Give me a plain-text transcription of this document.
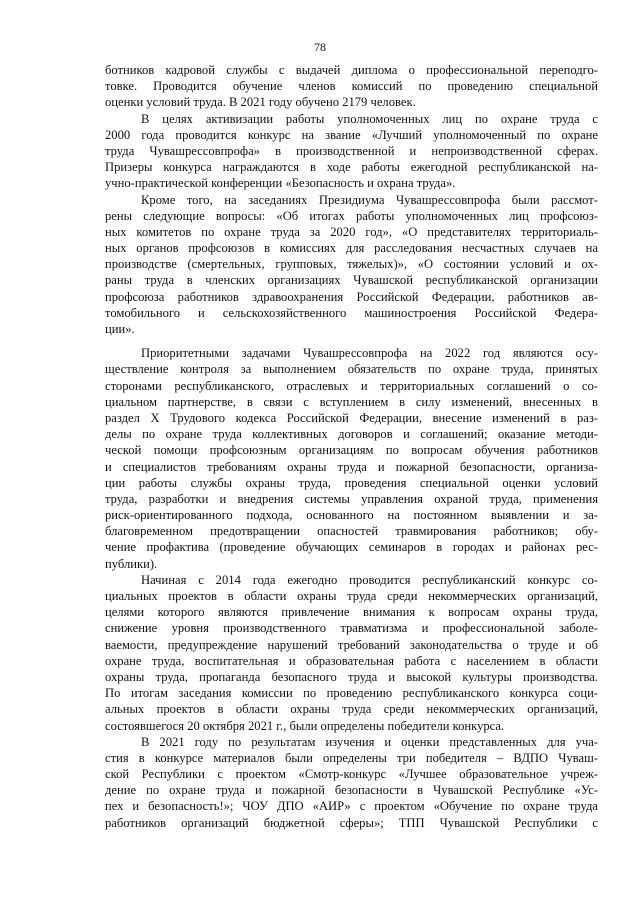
78
ботников кадровой службы с выдачей диплома о профессиональной переподго-
товке. Проводится обучение членов комиссий по проведению специальной
оценки условий труда. В 2021 году обучено 2179 человек.
В целях активизации работы уполномоченных лиц по охране труда с
2000 года проводится конкурс на звание «Лучший уполномоченный по охране
труда Чувашрессовпрофа» в производственной и непроизводственной сферах.
Призеры конкурса награждаются в ходе работы ежегодной республиканской на-
учно-практической конференции «Безопасность и охрана труда».
Кроме того, на заседаниях Президиума Чувашрессовпрофа были рассмот-
рены следующие вопросы: «Об итогах работы уполномоченных лиц профсоюз-
ных комитетов по охране труда за 2020 год», «О представителях территориаль-
ных органов профсоюзов в комиссиях для расследования несчастных случаев на
производстве (смертельных, групповых, тяжелых)», «О состоянии условий и ох-
раны труда в членских организациях Чувашской республиканской организации
профсоюза работников здравоохранения Российской Федерации, работников ав-
томобильного и сельскохозяйственного машиностроения Российской Федера-
ции».
Приоритетными задачами Чувашрессовпрофа на 2022 год являются осу-
ществление контроля за выполнением обязательств по охране труда, принятых
сторонами республиканского, отраслевых и территориальных соглашений о со-
циальном партнерстве, в связи с вступлением в силу изменений, внесенных в
раздел X Трудового кодекса Российской Федерации, внесение изменений в раз-
делы по охране труда коллективных договоров и соглашений; оказание методи-
ческой помощи профсоюзным организациям по вопросам обучения работников
и специалистов требованиям охраны труда и пожарной безопасности, организа-
ции работы службы охраны труда, проведения специальной оценки условий
труда, разработки и внедрения системы управления охраной труда, применения
риск-ориентированного подхода, основанного на постоянном выявлении и за-
благовременном предотвращении опасностей травмирования работников; обу-
чение профактива (проведение обучающих семинаров в городах и районах рес-
публики).
Начиная с 2014 года ежегодно проводится республиканский конкурс со-
циальных проектов в области охраны труда среди некоммерческих организаций,
целями которого являются привлечение внимания к вопросам охраны труда,
снижение уровня производственного травматизма и профессиональной заболе-
ваемости, предупреждение нарушений требований законодательства о труде и об
охране труда, воспитательная и образовательная работа с населением в области
охраны труда, пропаганда безопасного труда и высокой культуры производства.
По итогам заседания комиссии по проведению республиканского конкурса соци-
альных проектов в области охраны труда среди некоммерческих организаций,
состоявшегося 20 октября 2021 г., были определены победители конкурса.
В 2021 году по результатам изучения и оценки представленных для уча-
стия в конкурсе материалов были определены три победителя – ВДПО Чуваш-
ской Республики с проектом «Смотр-конкурс «Лучшее образовательное учреж-
дение по охране труда и пожарной безопасности в Чувашской Республике «Ус-
пех и безопасность!»; ЧОУ ДПО «АИР» с проектом «Обучение по охране труда
работников организаций бюджетной сферы»; ТПП Чувашской Республики с
